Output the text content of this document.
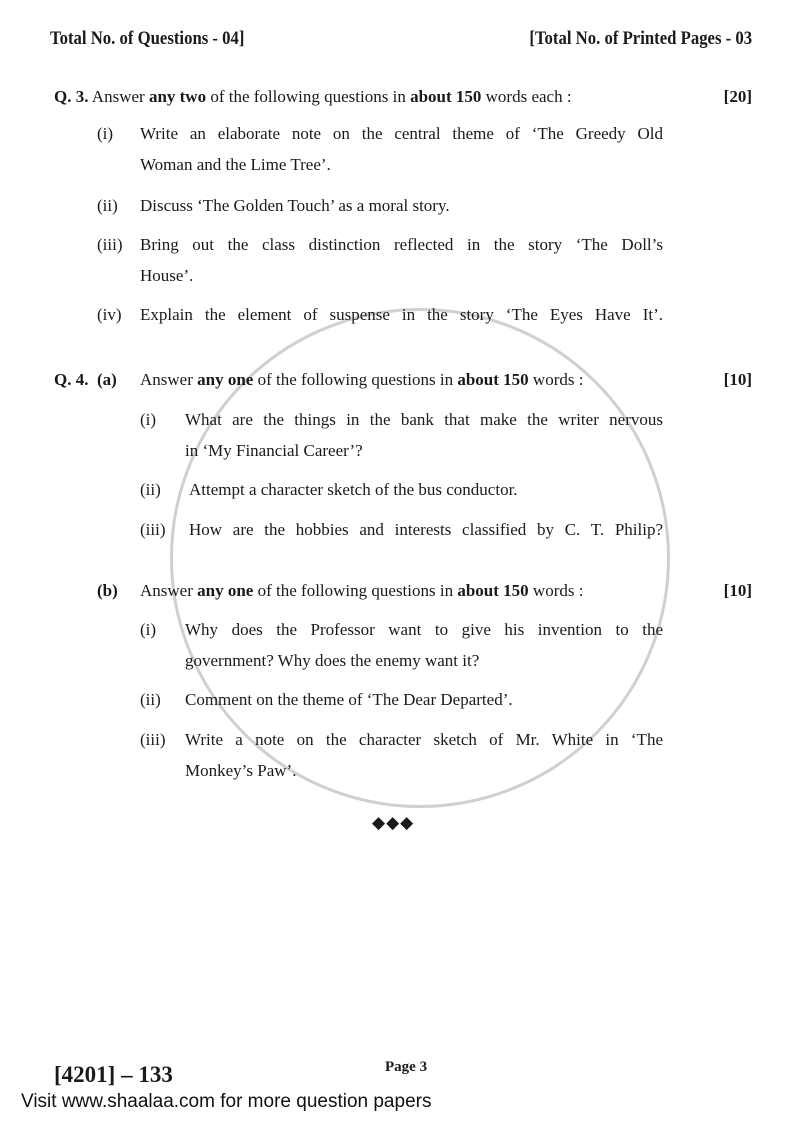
Total No. of Questions - 04]	[Total No. of Printed Pages - 03
Q. 3. Answer any two of the following questions in about 150 words each :	[20]
(i) Write an elaborate note on the central theme of ‘The Greedy Old
Woman and the Lime Tree’.
(ii) Discuss ‘The Golden Touch’ as a moral story.
(iii) Bring out the class distinction reflected in the story ‘The Doll’s
House’.
(iv) Explain the element of suspense in the story ‘The Eyes Have It’.
Q. 4. (a) Answer any one of the following questions in about 150 words :	[10]
(i) What are the things in the bank that make the writer nervous
in ‘My Financial Career’?
(ii) Attempt a character sketch of the bus conductor.
(iii) How are the hobbies and interests classified by C. T. Philip?
(b) Answer any one of the following questions in about 150 words :	[10]
(i) Why does the Professor want to give his invention to the
government? Why does the enemy want it?
(ii) Comment on the theme of ‘The Dear Departed’.
(iii) Write a note on the character sketch of Mr. White in ‘The
Monkey’s Paw’.
◆◆◆
[4201] – 133	Page 3
Visit www.shaalaa.com for more question papers
